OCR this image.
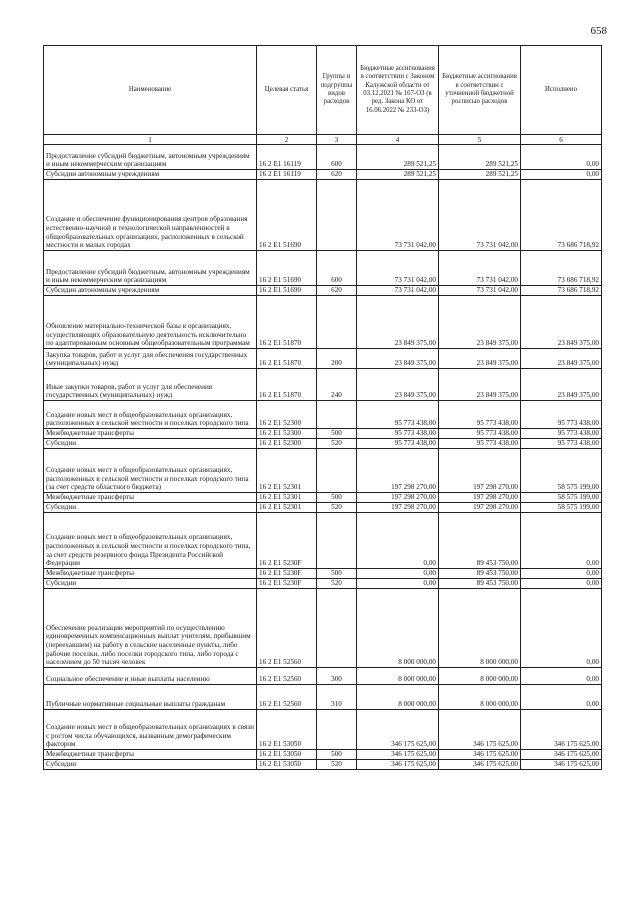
658
Наименование	Целевая статья	Группы и подгруппы видов расходов	Бюджетные ассигнования в соответствии с Законом Калужской области от 03.12.2021 № 167-ОЗ (в ред. Закона КО от 16.06.2022 № 233-ОЗ)	Бюджетные ассигнования в соответствии с уточненной бюджетной росписью расходов	Исполнено
1	2	3	4	5	6
Предоставление субсидий бюджетным, автономным учреждениям и иным некоммерческим организациям	16 2 E1 16119	600	289 521,25	289 521,25	0,00
Субсидии автономным учреждениям	16 2 E1 16119	620	289 521,25	289 521,25	0,00
Создание и обеспечение функционирования центров образования естественно-научной и технологической направленностей в общеобразовательных организациях, расположенных в сельской местности и малых городах	16 2 E1 51690		73 731 042,00	73 731 042,00	73 686 718,92
Предоставление субсидий бюджетным, автономным учреждениям и иным некоммерческим организациям	16 2 E1 51690	600	73 731 042,00	73 731 042,00	73 686 718,92
Субсидии автономным учреждениям	16 2 E1 51690	620	73 731 042,00	73 731 042,00	73 686 718,92
Обновление материально-технической базы в организациях, осуществляющих образовательную деятельность исключительно по адаптированным основным общеобразовательным программам	16 2 E1 51870		23 849 375,00	23 849 375,00	23 849 375,00
Закупка товаров, работ и услуг для обеспечения государственных (муниципальных) нужд	16 2 E1 51870	200	23 849 375,00	23 849 375,00	23 849 375,00
Иные закупки товаров, работ и услуг для обеспечения государственных (муниципальных) нужд	16 2 E1 51870	240	23 849 375,00	23 849 375,00	23 849 375,00
Создание новых мест в общеобразовательных организациях, расположенных в сельской местности и поселках городского типа	16 2 E1 52300		95 773 438,00	95 773 438,00	95 773 438,00
Межбюджетные трансферты	16 2 E1 52300	500	95 773 438,00	95 773 438,00	95 773 438,00
Субсидии	16 2 E1 52300	520	95 773 438,00	95 773 438,00	95 773 438,00
Создание новых мест в общеобразовательных организациях, расположенных в сельской местности и поселках городского типа (за счет средств областного бюджета)	16 2 E1 52301		197 298 270,00	197 298 270,00	58 575 199,00
Межбюджетные трансферты	16 2 E1 52301	500	197 298 270,00	197 298 270,00	58 575 199,00
Субсидии	16 2 E1 52301	520	197 298 270,00	197 298 270,00	58 575 199,00
Создание новых мест в общеобразовательных организациях, расположенных в сельской местности и поселках городского типа, за счет средств резервного фонда Президента Российской Федерации	16 2 E1 5230F		0,00	89 453 750,00	0,00
Межбюджетные трансферты	16 2 E1 5230F	500	0,00	89 453 750,00	0,00
Субсидии	16 2 E1 5230F	520	0,00	89 453 750,00	0,00
Обеспечение реализации мероприятий по осуществлению единовременных компенсационных выплат учителям, прибывшим (переехавшим) на работу в сельские населенные пункты, либо рабочие поселки, либо поселки городского типа, либо города с населением до 50 тысяч человек	16 2 E1 52560		8 000 000,00	8 000 000,00	0,00
Социальное обеспечение и иные выплаты населению	16 2 E1 52560	300	8 000 000,00	8 000 000,00	0,00
Публичные нормативные социальные выплаты гражданам	16 2 E1 52560	310	8 000 000,00	8 000 000,00	0,00
Создание новых мест в общеобразовательных организациях в связи с ростом числа обучающихся, вызванным демографическим фактором	16 2 E1 53050		346 175 625,00	346 175 625,00	346 175 625,00
Межбюджетные трансферты	16 2 E1 53050	500	346 175 625,00	346 175 625,00	346 175 625,00
Субсидии	16 2 E1 53050	520	346 175 625,00	346 175 625,00	346 175 625,00
